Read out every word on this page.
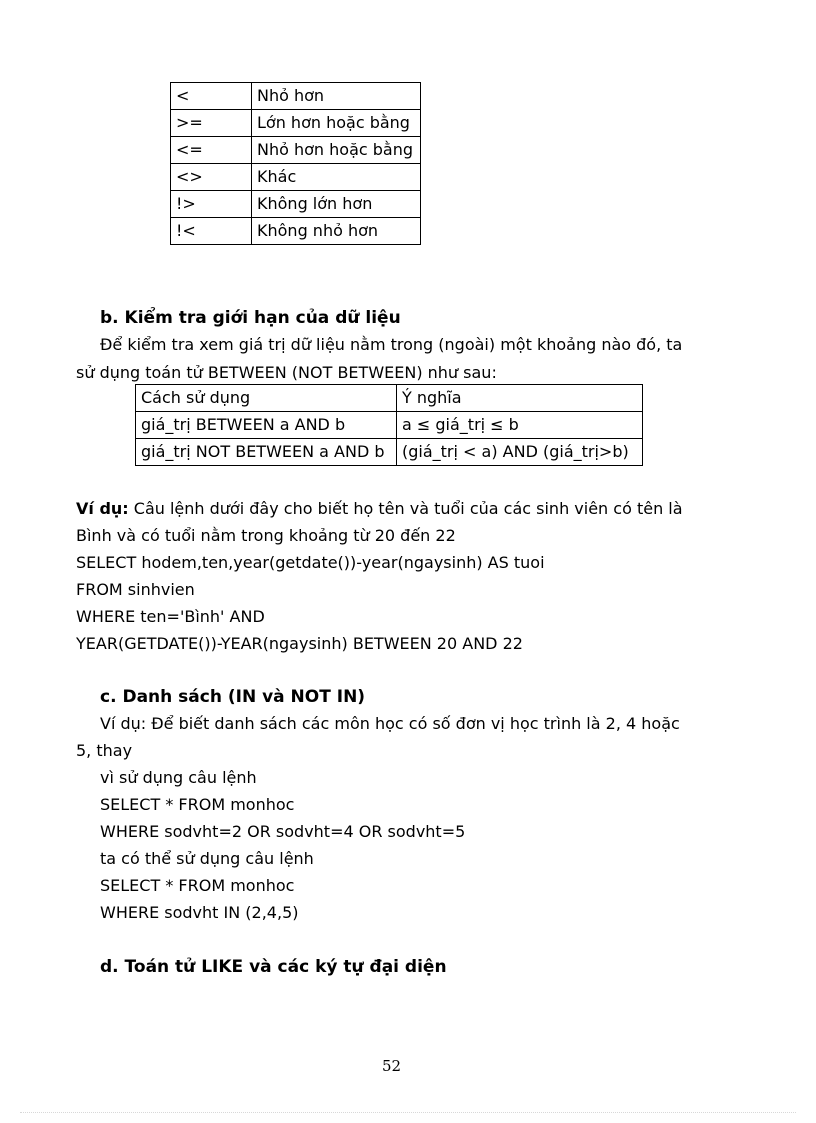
<	Nhỏ hơn
>=	Lớn hơn hoặc bằng
<=	Nhỏ hơn hoặc bằng
<>	Khác
!>	Không lớn hơn
!<	Không nhỏ hơn
b. Kiểm tra giới hạn của dữ liệu
Để kiểm tra xem giá trị dữ liệu nằm trong (ngoài) một khoảng nào đó, ta
sử dụng toán tử BETWEEN (NOT BETWEEN) như sau:
Cách sử dụng	Ý nghĩa
giá_trị BETWEEN a AND b	a ≤ giá_trị ≤ b
giá_trị NOT BETWEEN a AND b	(giá_trị < a) AND (giá_trị>b)
Ví dụ: Câu lệnh dưới đây cho biết họ tên và tuổi của các sinh viên có tên là
Bình và có tuổi nằm trong khoảng từ 20 đến 22
SELECT hodem,ten,year(getdate())-year(ngaysinh) AS tuoi
FROM sinhvien
WHERE ten='Bình' AND
YEAR(GETDATE())-YEAR(ngaysinh) BETWEEN 20 AND 22
c. Danh sách (IN và NOT IN)
Ví dụ: Để biết danh sách các môn học có số đơn vị học trình là 2, 4 hoặc
5, thay
vì sử dụng câu lệnh
SELECT * FROM monhoc
WHERE sodvht=2 OR sodvht=4 OR sodvht=5
ta có thể sử dụng câu lệnh
SELECT * FROM monhoc
WHERE sodvht IN (2,4,5)
d. Toán tử LIKE và các ký tự đại diện
52
